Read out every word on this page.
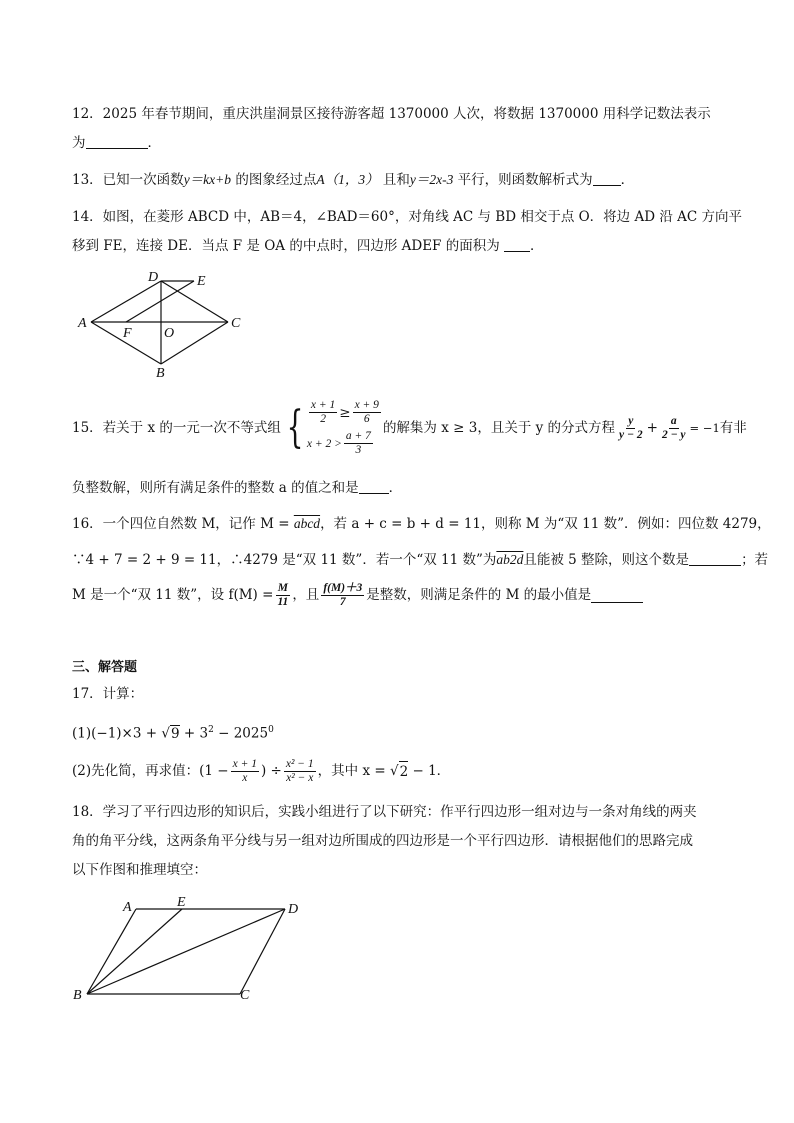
12．2025 年春节期间，重庆洪崖洞景区接待游客超 1370000 人次，将数据 1370000 用科学记数法表示
为	．
13．已知一次函数y＝kx+b 的图象经过点A（1，3） 且和y＝2x-3 平行，则函数解析式为 ．
14．如图，在菱形 ABCD 中，AB＝4，∠BAD＝60°，对角线 AC 与 BD 相交于点 O．将边 AD 沿 AC 方向平
移到 FE，连接 DE．当点 F 是 OA 的中点时，四边形 ADEF 的面积为 ．
D	E
A
F O
C
B
15．若关于 x 的一元一次不等式组 { $\frac{x + 1}{2} \ge \frac{x + 9}{6}$
$x + 2 > \frac{a + 7}{3}$
的解集为 x ≥ 3，且关于 y 的分式方程 $\frac{y}{y - 2} + \frac{a}{2 - y} = -1$ 有非
负整数解，则所有满足条件的整数 a 的值之和是 ．
16．一个四位自然数 M，记作 M = abcd，若 a + c = b + d = 11，则称 M 为“双 11 数”．例如：四位数 4279，
∵4 + 7 = 2 + 9 = 11，∴4279 是“双 11 数”．若一个“双 11 数”为ab2d且能被 5 整除，则这个数是	；若
M 是一个“双 11 数”，设 $f(M) = \frac{M}{11}$ ，且 $\frac{f(M)+3}{7}$ 是整数，则满足条件的 M 的最小值是
三、解答题
17．计算：
$(1)(-1)\times 3 + √9 + 3^2 - 2025^0$
(2)先化简，再求值：($1 - \frac{x + 1}{x}$ ) ÷ $\frac{\text{x² − 1}}{\text{x² − x}}$ ，其中 x = √ 2
− 1．
18．学习了平行四边形的知识后，实践小组进行了以下研究：作平行四边形一组对边与一条对角线的两夹
角的角平分线，这两条角平分线与另一组对边所围成的四边形是一个平行四边形．请根据他们的思路完成
以下作图和推理填空：
A	E	D
B	C
